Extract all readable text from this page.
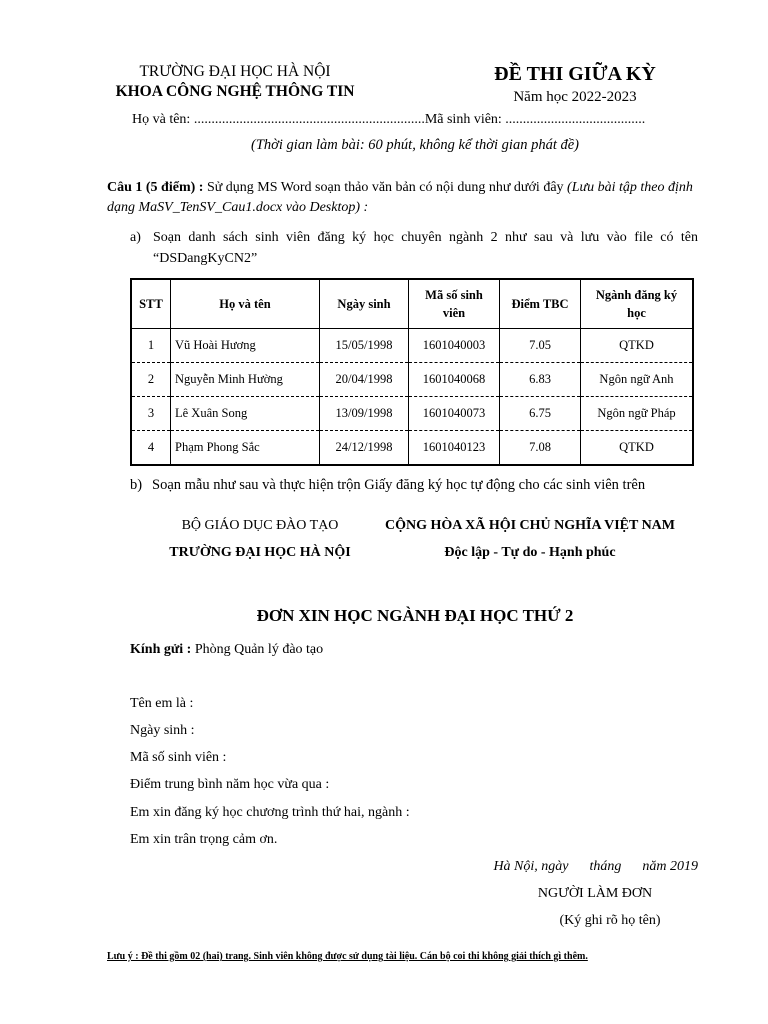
TRƯỜNG ĐẠI HỌC HÀ NỘI
KHOA CÔNG NGHỆ THÔNG TIN
ĐỀ THI GIỮA KỲ
Năm học 2022-2023
Họ và tên: ..................................................................Mã sinh viên: ........................................
(Thời gian làm bài: 60 phút, không kể thời gian phát đề)
Câu 1 (5 điểm) : Sử dụng MS Word soạn thảo văn bản có nội dung như dưới đây (Lưu bài tập theo định dạng MaSV_TenSV_Cau1.docx vào Desktop) :
a) Soạn danh sách sinh viên đăng ký học chuyên ngành 2 như sau và lưu vào file có tên “DSDangKyCN2”
STT	Họ và tên	Ngày sinh	Mã số sinh viên	Điểm TBC	Ngành đăng ký học
1	Vũ Hoài Hương	15/05/1998	1601040003	7.05	QTKD
2	Nguyễn Minh Hường	20/04/1998	1601040068	6.83	Ngôn ngữ Anh
3	Lê Xuân Song	13/09/1998	1601040073	6.75	Ngôn ngữ Pháp
4	Phạm Phong Sắc	24/12/1998	1601040123	7.08	QTKD
b) Soạn mẫu như sau và thực hiện trộn Giấy đăng ký học tự động cho các sinh viên trên
BỘ GIÁO DỤC ĐÀO TẠO
TRƯỜNG ĐẠI HỌC HÀ NỘI
CỘNG HÒA XÃ HỘI CHỦ NGHĨA VIỆT NAM
Độc lập - Tự do - Hạnh phúc
ĐƠN XIN HỌC NGÀNH ĐẠI HỌC THỨ 2
Kính gửi : Phòng Quản lý đào tạo
Tên em là :
Ngày sinh :
Mã số sinh viên :
Điểm trung bình năm học vừa qua :
Em xin đăng ký học chương trình thứ hai, ngành :
Em xin trân trọng cảm ơn.
Hà Nội, ngày      tháng      năm 2019
NGƯỜI LÀM ĐƠN
(Ký ghi rõ họ tên)
Lưu ý : Đề thi gồm 02 (hai) trang. Sinh viên không được sử dụng tài liệu. Cán bộ coi thi không giải thích gì thêm.
